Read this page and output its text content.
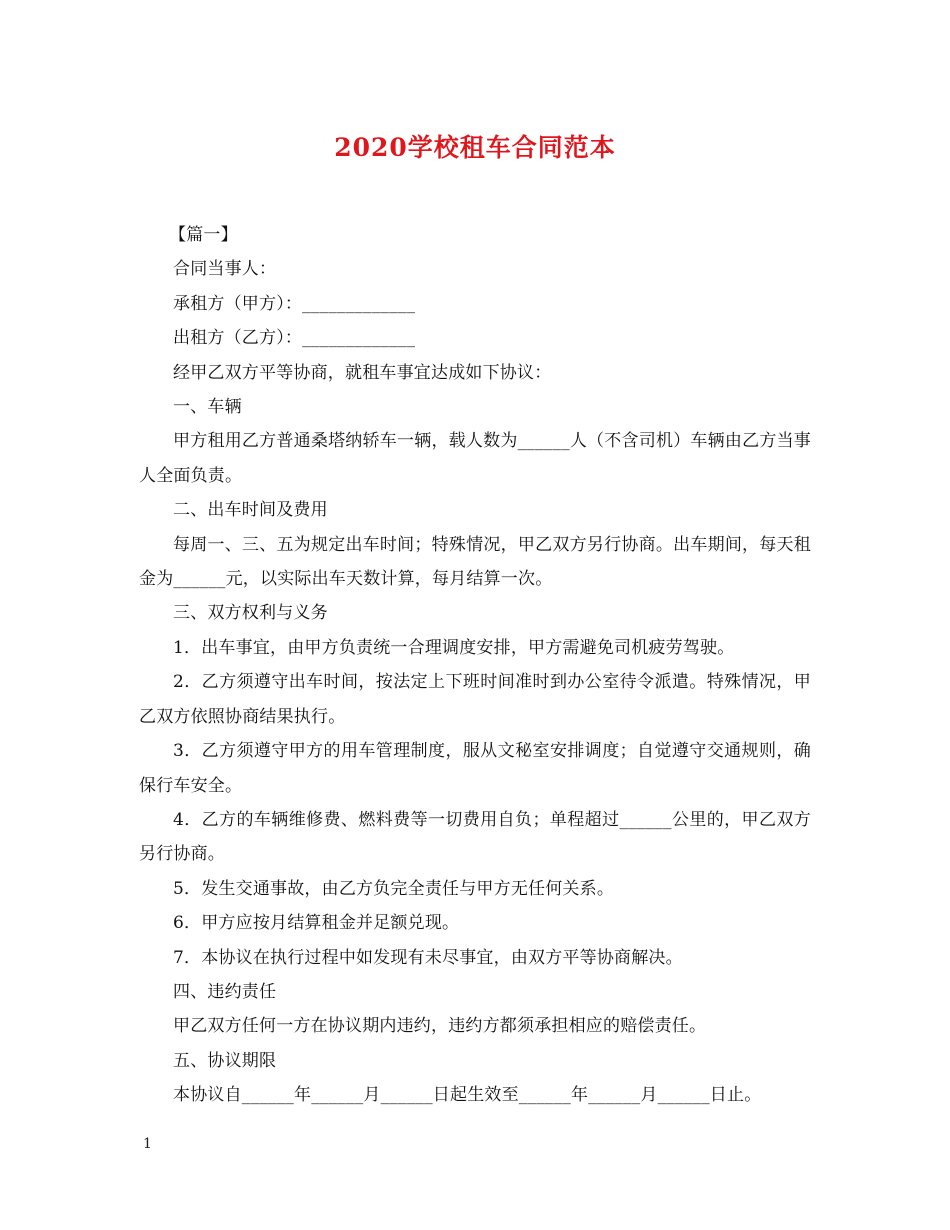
2020学校租车合同范本

【篇一】

合同当事人：

承租方（甲方）：_____________

出租方（乙方）：_____________

经甲乙双方平等协商，就租车事宜达成如下协议：

一、车辆

甲方租用乙方普通桑塔纳轿车一辆，载人数为______人（不含司机）车辆由乙方当事人全面负责。

二、出车时间及费用

每周一、三、五为规定出车时间；特殊情况，甲乙双方另行协商。出车期间，每天租金为______元，以实际出车天数计算，每月结算一次。

三、双方权利与义务

1．出车事宜，由甲方负责统一合理调度安排，甲方需避免司机疲劳驾驶。

2．乙方须遵守出车时间，按法定上下班时间准时到办公室待令派遣。特殊情况，甲乙双方依照协商结果执行。

3．乙方须遵守甲方的用车管理制度，服从文秘室安排调度；自觉遵守交通规则，确保行车安全。

4．乙方的车辆维修费、燃料费等一切费用自负；单程超过______公里的，甲乙双方另行协商。

5．发生交通事故，由乙方负完全责任与甲方无任何关系。

6．甲方应按月结算租金并足额兑现。

7．本协议在执行过程中如发现有未尽事宜，由双方平等协商解决。

四、违约责任

甲乙双方任何一方在协议期内违约，违约方都须承担相应的赔偿责任。

五、协议期限

本协议自______年______月______日起生效至______年______月______日止。

1
